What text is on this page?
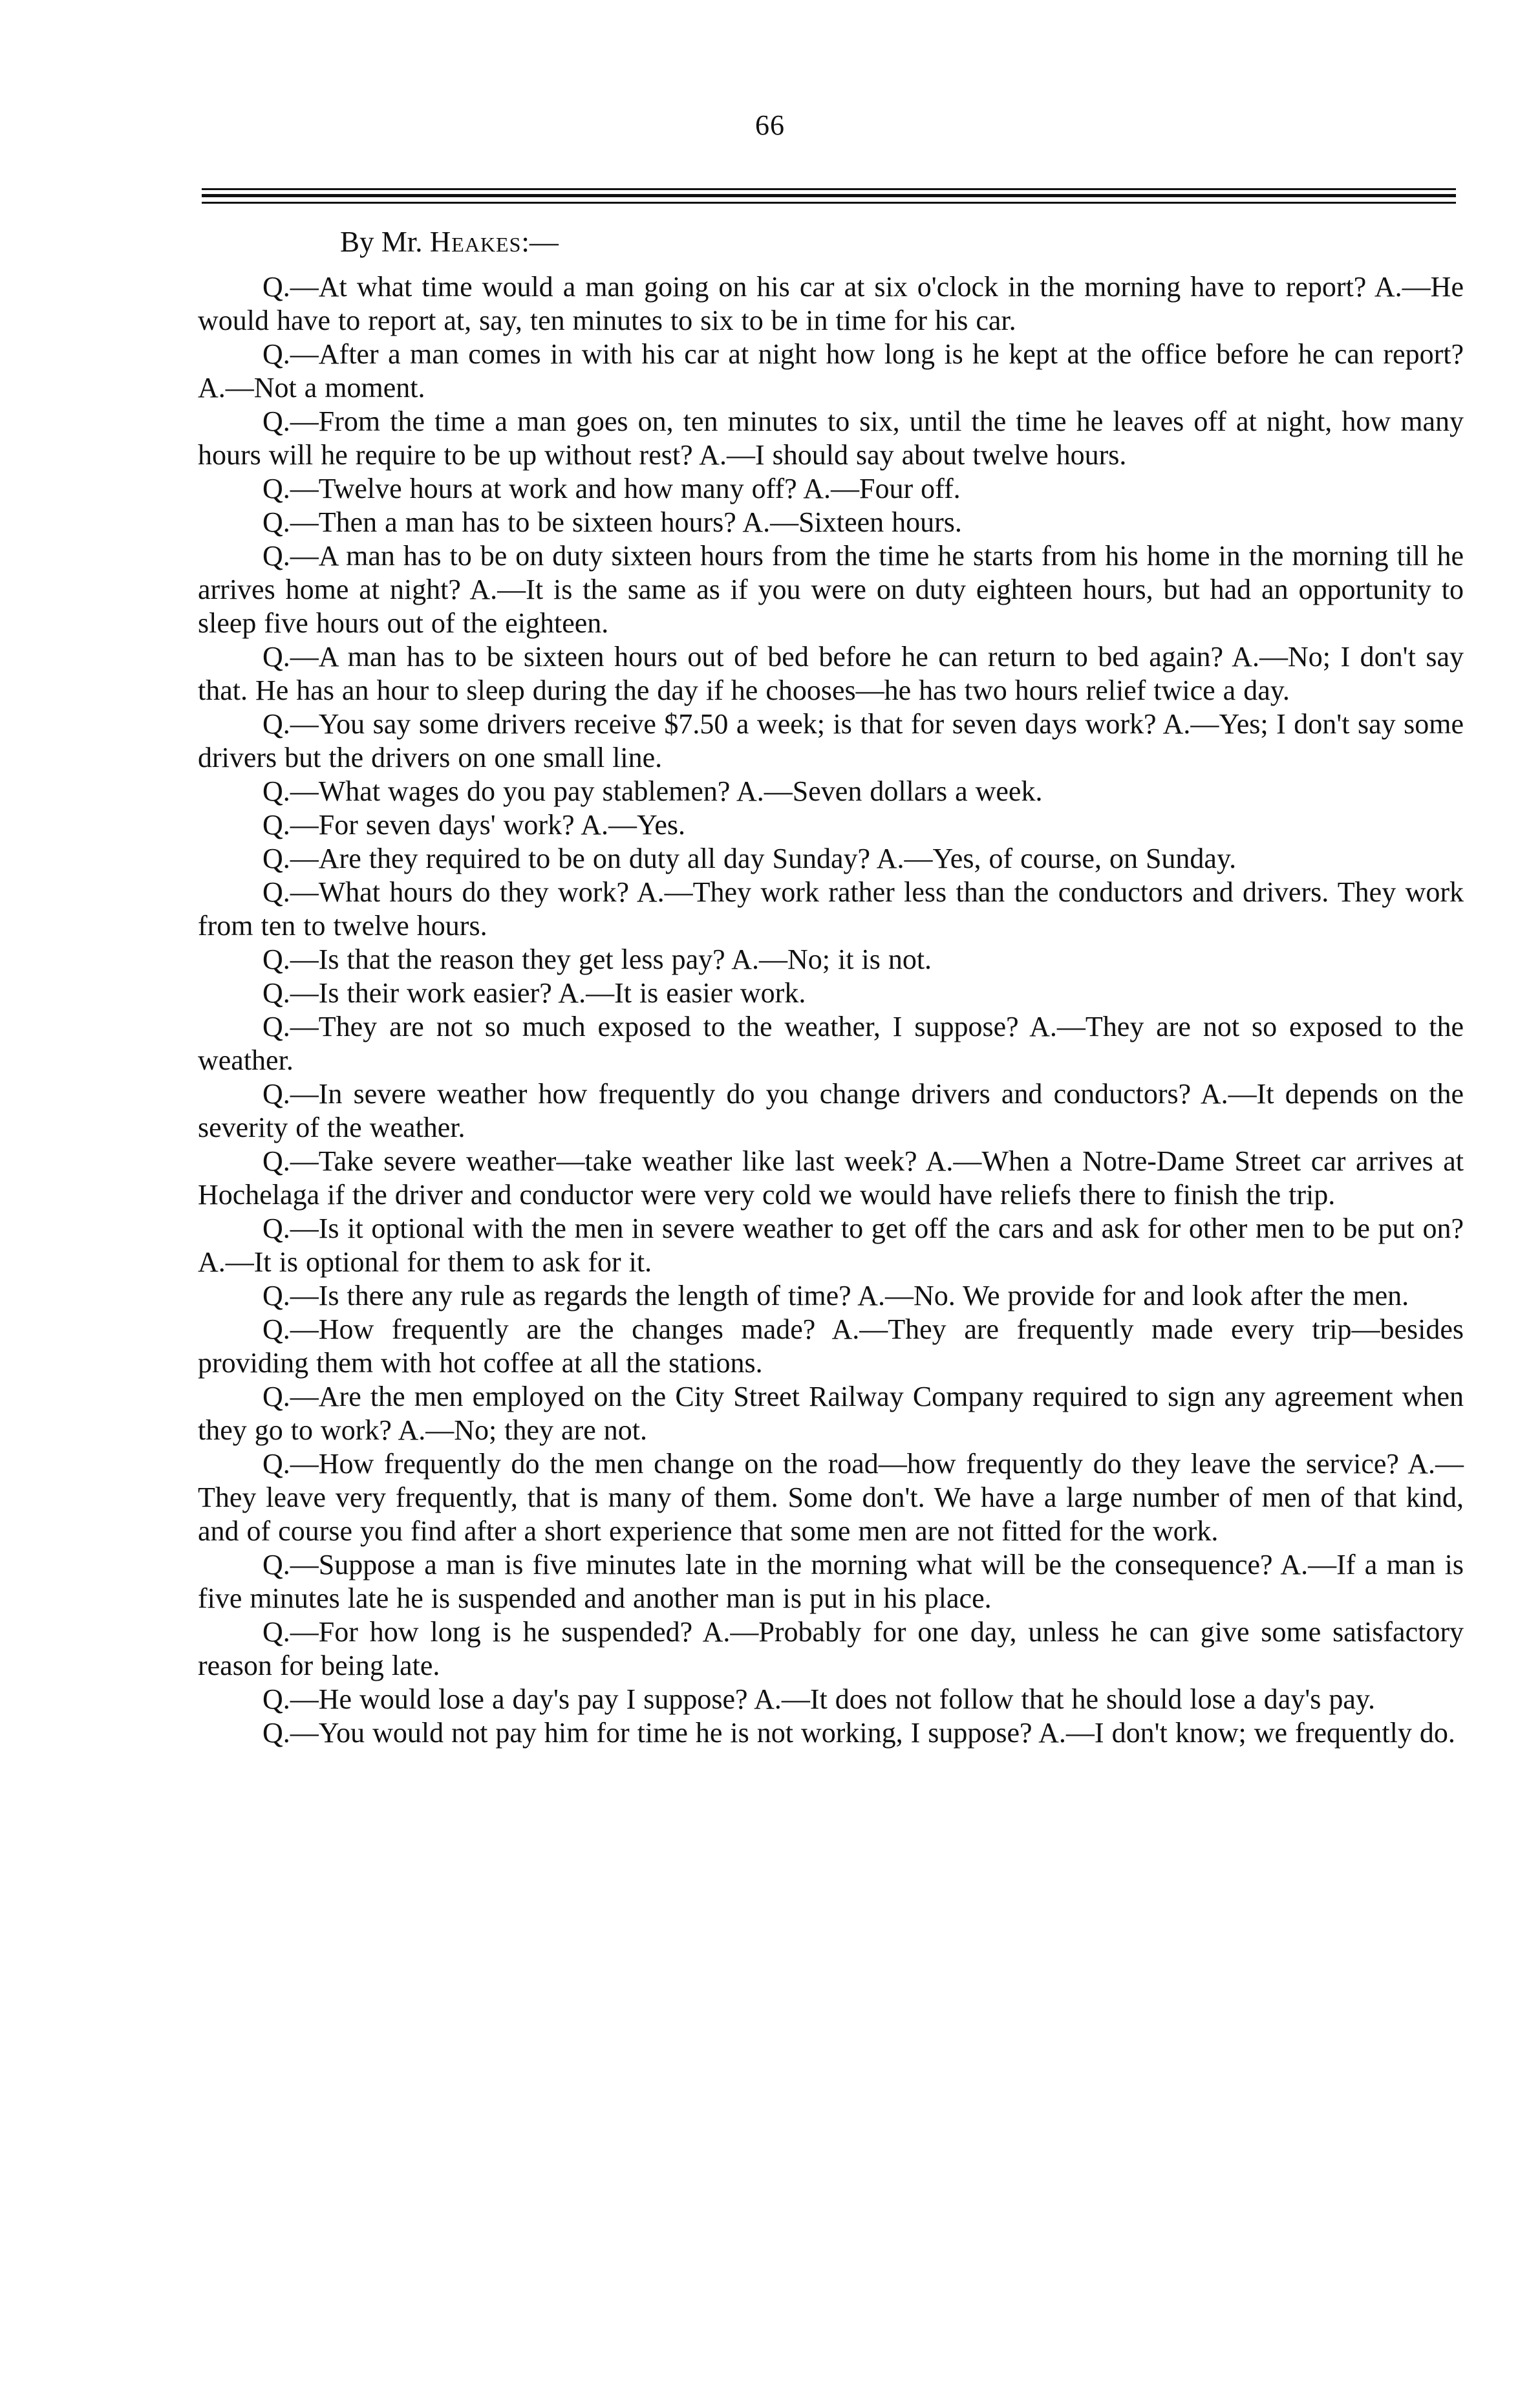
66

By Mr. Heakes:—

Q.—At what time would a man going on his car at six o'clock in the morning have to report? A.—He would have to report at, say, ten minutes to six to be in time for his car.

Q.—After a man comes in with his car at night how long is he kept at the office before he can report? A.—Not a moment.

Q.—From the time a man goes on, ten minutes to six, until the time he leaves off at night, how many hours will he require to be up without rest? A.—I should say about twelve hours.

Q.—Twelve hours at work and how many off? A.—Four off.

Q.—Then a man has to be sixteen hours? A.—Sixteen hours.

Q.—A man has to be on duty sixteen hours from the time he starts from his home in the morning till he arrives home at night? A.—It is the same as if you were on duty eighteen hours, but had an opportunity to sleep five hours out of the eighteen.

Q.—A man has to be sixteen hours out of bed before he can return to bed again? A.—No; I don't say that. He has an hour to sleep during the day if he chooses—he has two hours relief twice a day.

Q.—You say some drivers receive $7.50 a week; is that for seven days work? A.—Yes; I don't say some drivers but the drivers on one small line.

Q.—What wages do you pay stablemen? A.—Seven dollars a week.

Q.—For seven days' work? A.—Yes.

Q.—Are they required to be on duty all day Sunday? A.—Yes, of course, on Sunday.

Q.—What hours do they work? A.—They work rather less than the conductors and drivers. They work from ten to twelve hours.

Q.—Is that the reason they get less pay? A.—No; it is not.

Q.—Is their work easier? A.—It is easier work.

Q.—They are not so much exposed to the weather, I suppose? A.—They are not so exposed to the weather.

Q.—In severe weather how frequently do you change drivers and conductors? A.—It depends on the severity of the weather.

Q.—Take severe weather—take weather like last week? A.—When a Notre-Dame Street car arrives at Hochelaga if the driver and conductor were very cold we would have reliefs there to finish the trip.

Q.—Is it optional with the men in severe weather to get off the cars and ask for other men to be put on? A.—It is optional for them to ask for it.

Q.—Is there any rule as regards the length of time? A.—No. We provide for and look after the men.

Q.—How frequently are the changes made? A.—They are frequently made every trip—besides providing them with hot coffee at all the stations.

Q.—Are the men employed on the City Street Railway Company required to sign any agreement when they go to work? A.—No; they are not.

Q.—How frequently do the men change on the road—how frequently do they leave the service? A.—They leave very frequently, that is many of them. Some don't. We have a large number of men of that kind, and of course you find after a short experience that some men are not fitted for the work.

Q.—Suppose a man is five minutes late in the morning what will be the consequence? A.—If a man is five minutes late he is suspended and another man is put in his place.

Q.—For how long is he suspended? A.—Probably for one day, unless he can give some satisfactory reason for being late.

Q.—He would lose a day's pay I suppose? A.—It does not follow that he should lose a day's pay.

Q.—You would not pay him for time he is not working, I suppose? A.—I don't know; we frequently do.
